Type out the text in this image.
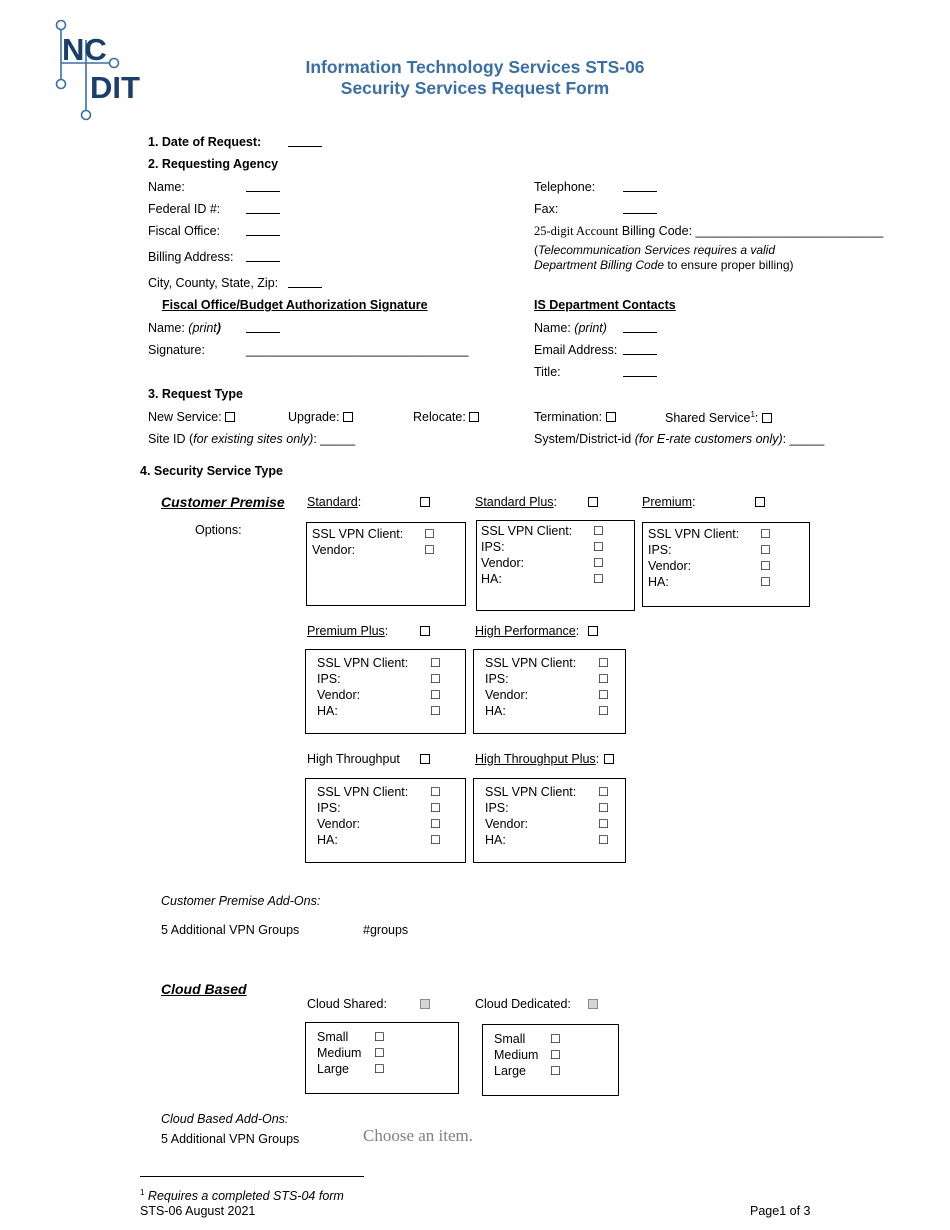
NC
DIT
Information Technology Services STS-06
Security Services Request Form
1. Date of Request:
2. Requesting Agency
Name:
Federal ID #:
Fiscal Office:
Billing Address:
City, County, State, Zip:
Telephone:
Fax:
25-digit Account Billing Code: ___________________________
(Telecommunication Services requires a valid
Department Billing Code to ensure proper billing)
Fiscal Office/Budget Authorization Signature
Name: (print)
Signature:	________________________________
IS Department Contacts
Name: (print)
Email Address:
Title:
3. Request Type
New Service:	Upgrade:	Relocate:	Termination:	Shared Service$^1$:
Site ID (for existing sites only): _____	System/District-id (for E-rate customers only): _____
4. Security Service Type
Customer Premise
Options:
Standard:
SSL VPN Client: ☐
Vendor:	☐
Standard Plus:
SSL VPN Client: ☐
IPS:	☐
Vendor:	☐
HA:	☐
Premium:
SSL VPN Client: ☐
IPS:	☐
Vendor:	☐
HA:	☐
Premium Plus:
SSL VPN Client: ☐
IPS:	☐
Vendor:	☐
HA:	☐
High Performance:
SSL VPN Client: ☐
IPS:	☐
Vendor:	☐
HA:	☐
High Throughput
SSL VPN Client: ☐
IPS:	☐
Vendor:	☐
HA:	☐
High Throughput Plus:
SSL VPN Client: ☐
IPS:	☐
Vendor:	☐
HA:	☐
Customer Premise Add-Ons:
5 Additional VPN Groups	#groups
Cloud Based
Cloud Shared:
Small ☐
Medium ☐
Large ☐
Cloud Dedicated:
Small ☐
Medium ☐
Large ☐
Cloud Based Add-Ons:
5 Additional VPN Groups	Choose an item.
$^1$ Requires a completed STS-04 form
STS-06 August 2021	Page1 of 3
